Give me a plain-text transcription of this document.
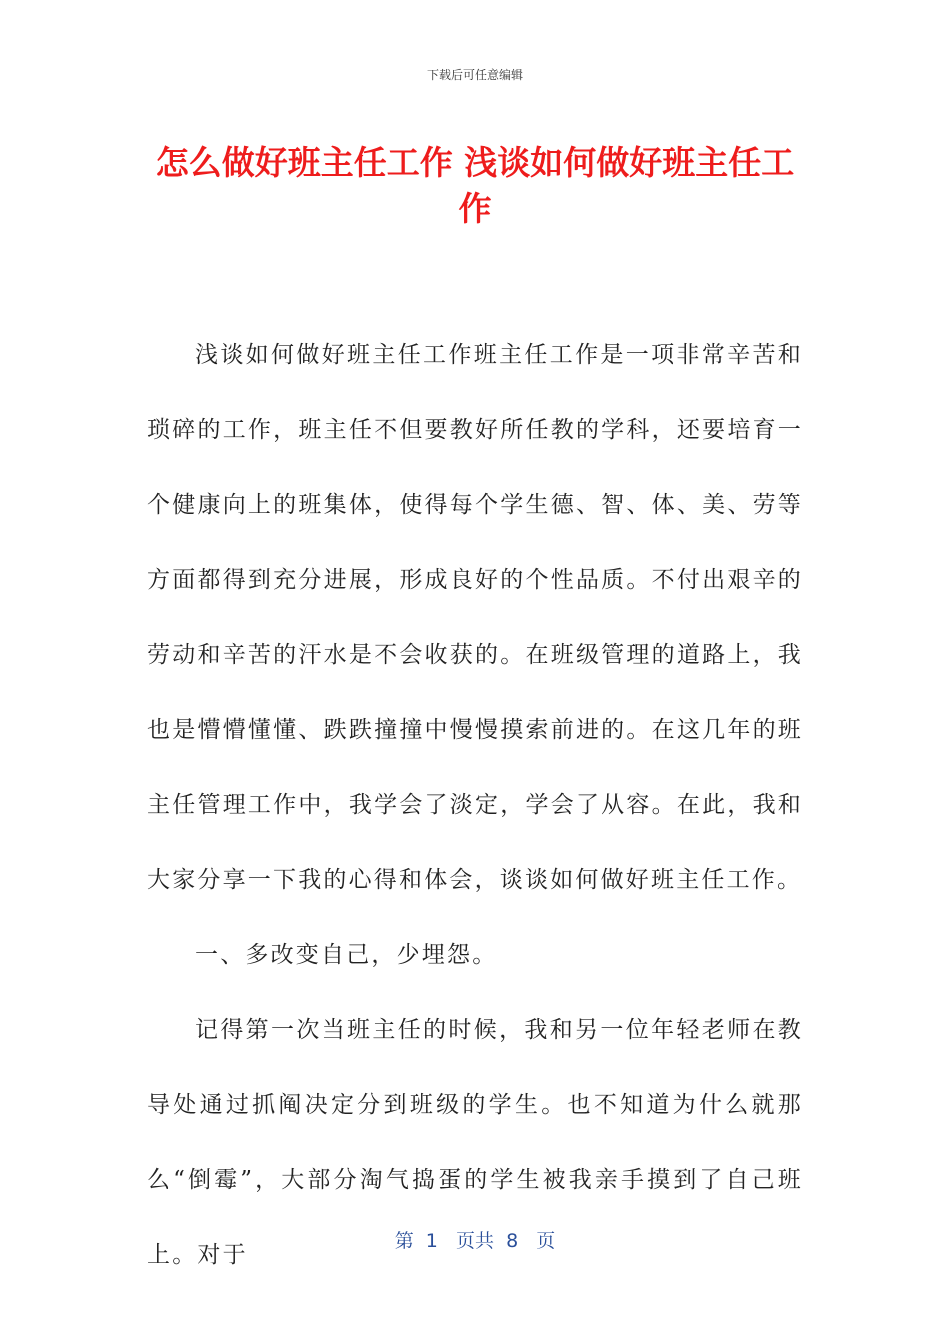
下载后可任意编辑
怎么做好班主任工作 浅谈如何做好班主任工作

浅谈如何做好班主任工作班主任工作是一项非常辛苦和琐碎的工作，班主任不但要教好所任教的学科，还要培育一个健康向上的班集体，使得每个学生德、智、体、美、劳等方面都得到充分进展，形成良好的个性品质。不付出艰辛的劳动和辛苦的汗水是不会收获的。在班级管理的道路上，我也是懵懵懂懂、跌跌撞撞中慢慢摸索前进的。在这几年的班主任管理工作中，我学会了淡定，学会了从容。在此，我和大家分享一下我的心得和体会，谈谈如何做好班主任工作。

一、多改变自己，少埋怨。

记得第一次当班主任的时候，我和另一位年轻老师在教导处通过抓阄决定分到班级的学生。也不知道为什么就那么“倒霉”，大部分淘气捣蛋的学生被我亲手摸到了自己班上。对于

第  1   页共  8   页
